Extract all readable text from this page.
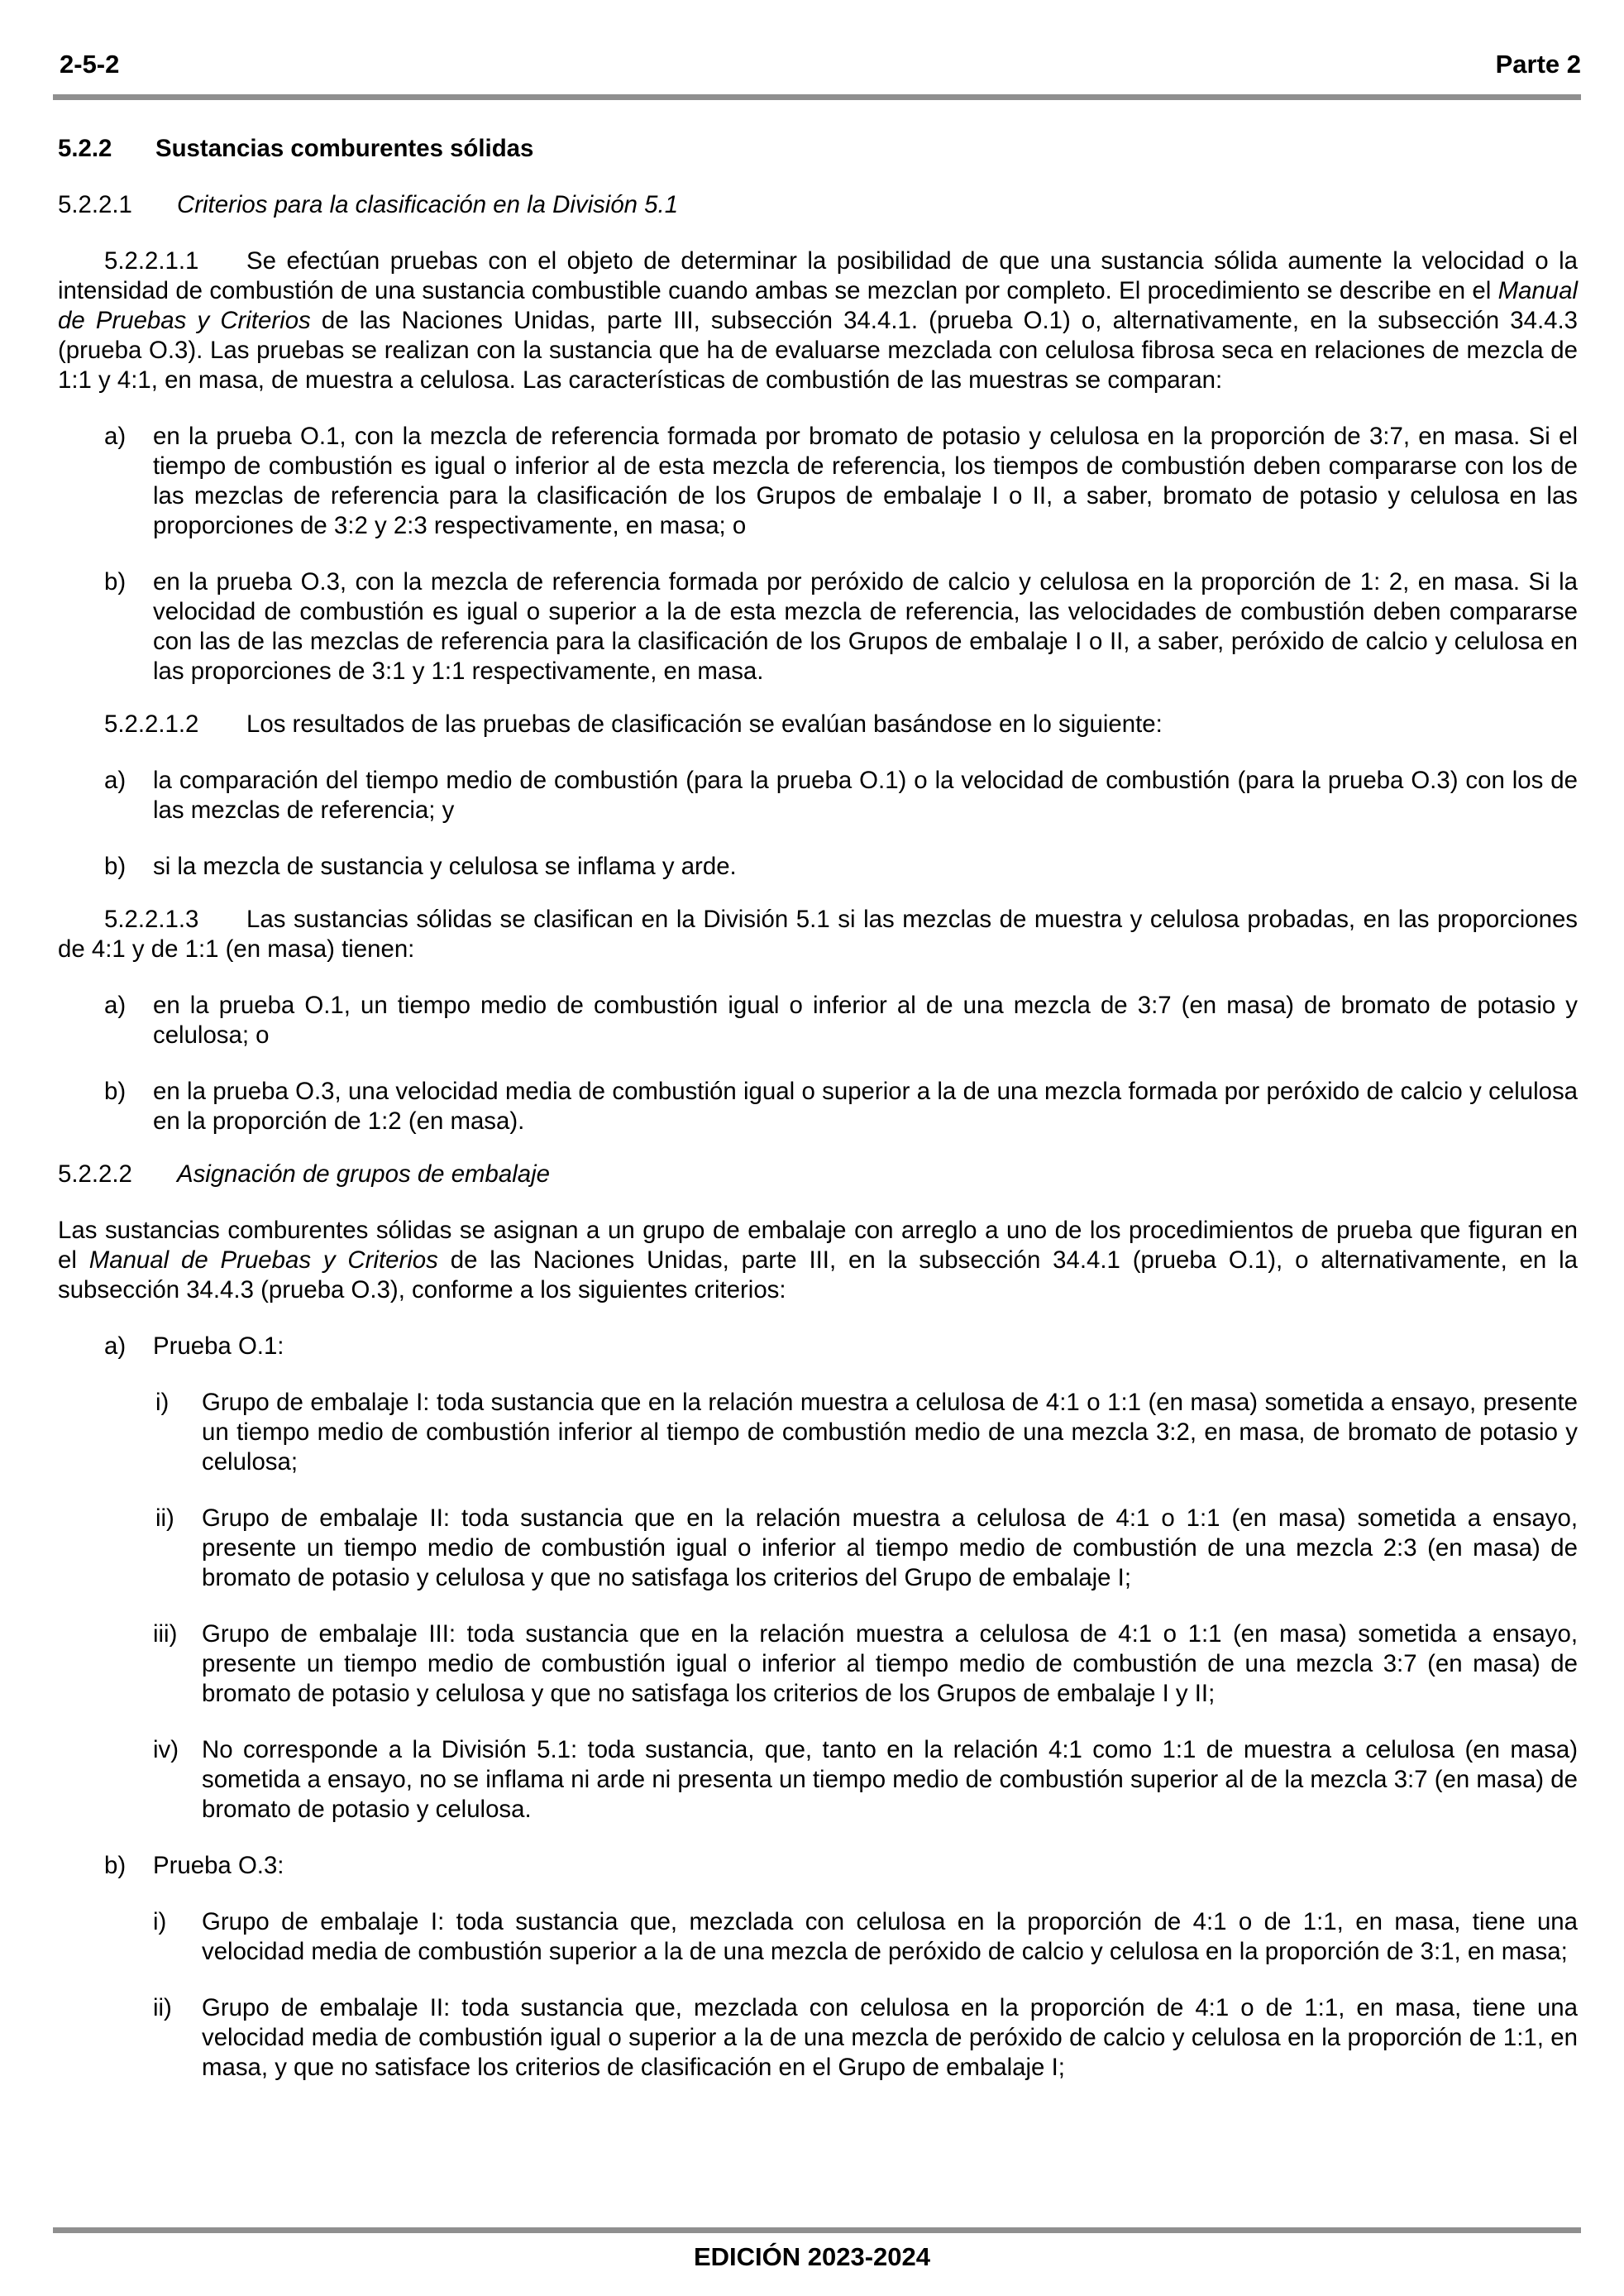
2-5-2	Parte 2

5.2.2 Sustancias comburentes sólidas

5.2.2.1 Criterios para la clasificación en la División 5.1

5.2.2.1.1 Se efectúan pruebas con el objeto de determinar la posibilidad de que una sustancia sólida aumente la velocidad o la intensidad de combustión de una sustancia combustible cuando ambas se mezclan por completo. El procedimiento se describe en el Manual de Pruebas y Criterios de las Naciones Unidas, parte III, subsección 34.4.1. (prueba O.1) o, alternativamente, en la subsección 34.4.3 (prueba O.3). Las pruebas se realizan con la sustancia que ha de evaluarse mezclada con celulosa fibrosa seca en relaciones de mezcla de 1:1 y 4:1, en masa, de muestra a celulosa. Las características de combustión de las muestras se comparan:

a) en la prueba O.1, con la mezcla de referencia formada por bromato de potasio y celulosa en la proporción de 3:7, en masa. Si el tiempo de combustión es igual o inferior al de esta mezcla de referencia, los tiempos de combustión deben compararse con los de las mezclas de referencia para la clasificación de los Grupos de embalaje I o II, a saber, bromato de potasio y celulosa en las proporciones de 3:2 y 2:3 respectivamente, en masa; o
b) en la prueba O.3, con la mezcla de referencia formada por peróxido de calcio y celulosa en la proporción de 1: 2, en masa. Si la velocidad de combustión es igual o superior a la de esta mezcla de referencia, las velocidades de combustión deben compararse con las de las mezclas de referencia para la clasificación de los Grupos de embalaje I o II, a saber, peróxido de calcio y celulosa en las proporciones de 3:1 y 1:1 respectivamente, en masa.

5.2.2.1.2 Los resultados de las pruebas de clasificación se evalúan basándose en lo siguiente:

a) la comparación del tiempo medio de combustión (para la prueba O.1) o la velocidad de combustión (para la prueba O.3) con los de las mezclas de referencia; y
b) si la mezcla de sustancia y celulosa se inflama y arde.

5.2.2.1.3 Las sustancias sólidas se clasifican en la División 5.1 si las mezclas de muestra y celulosa probadas, en las proporciones de 4:1 y de 1:1 (en masa) tienen:

a) en la prueba O.1, un tiempo medio de combustión igual o inferior al de una mezcla de 3:7 (en masa) de bromato de potasio y celulosa; o
b) en la prueba O.3, una velocidad media de combustión igual o superior a la de una mezcla formada por peróxido de calcio y celulosa en la proporción de 1:2 (en masa).

5.2.2.2 Asignación de grupos de embalaje

Las sustancias comburentes sólidas se asignan a un grupo de embalaje con arreglo a uno de los procedimientos de prueba que figuran en el Manual de Pruebas y Criterios de las Naciones Unidas, parte III, en la subsección 34.4.1 (prueba O.1), o alternativamente, en la subsección 34.4.3 (prueba O.3), conforme a los siguientes criterios:

a) Prueba O.1:
i) Grupo de embalaje I: toda sustancia que en la relación muestra a celulosa de 4:1 o 1:1 (en masa) sometida a ensayo, presente un tiempo medio de combustión inferior al tiempo de combustión medio de una mezcla 3:2, en masa, de bromato de potasio y celulosa;
ii) Grupo de embalaje II: toda sustancia que en la relación muestra a celulosa de 4:1 o 1:1 (en masa) sometida a ensayo, presente un tiempo medio de combustión igual o inferior al tiempo medio de combustión de una mezcla 2:3 (en masa) de bromato de potasio y celulosa y que no satisfaga los criterios del Grupo de embalaje I;
iii) Grupo de embalaje III: toda sustancia que en la relación muestra a celulosa de 4:1 o 1:1 (en masa) sometida a ensayo, presente un tiempo medio de combustión igual o inferior al tiempo medio de combustión de una mezcla 3:7 (en masa) de bromato de potasio y celulosa y que no satisfaga los criterios de los Grupos de embalaje I y II;
iv) No corresponde a la División 5.1: toda sustancia, que, tanto en la relación 4:1 como 1:1 de muestra a celulosa (en masa) sometida a ensayo, no se inflama ni arde ni presenta un tiempo medio de combustión superior al de la mezcla 3:7 (en masa) de bromato de potasio y celulosa.
b) Prueba O.3:
i) Grupo de embalaje I: toda sustancia que, mezclada con celulosa en la proporción de 4:1 o de 1:1, en masa, tiene una velocidad media de combustión superior a la de una mezcla de peróxido de calcio y celulosa en la proporción de 3:1, en masa;
ii) Grupo de embalaje II: toda sustancia que, mezclada con celulosa en la proporción de 4:1 o de 1:1, en masa, tiene una velocidad media de combustión igual o superior a la de una mezcla de peróxido de calcio y celulosa en la proporción de 1:1, en masa, y que no satisface los criterios de clasificación en el Grupo de embalaje I;
EDICIÓN 2023-2024
